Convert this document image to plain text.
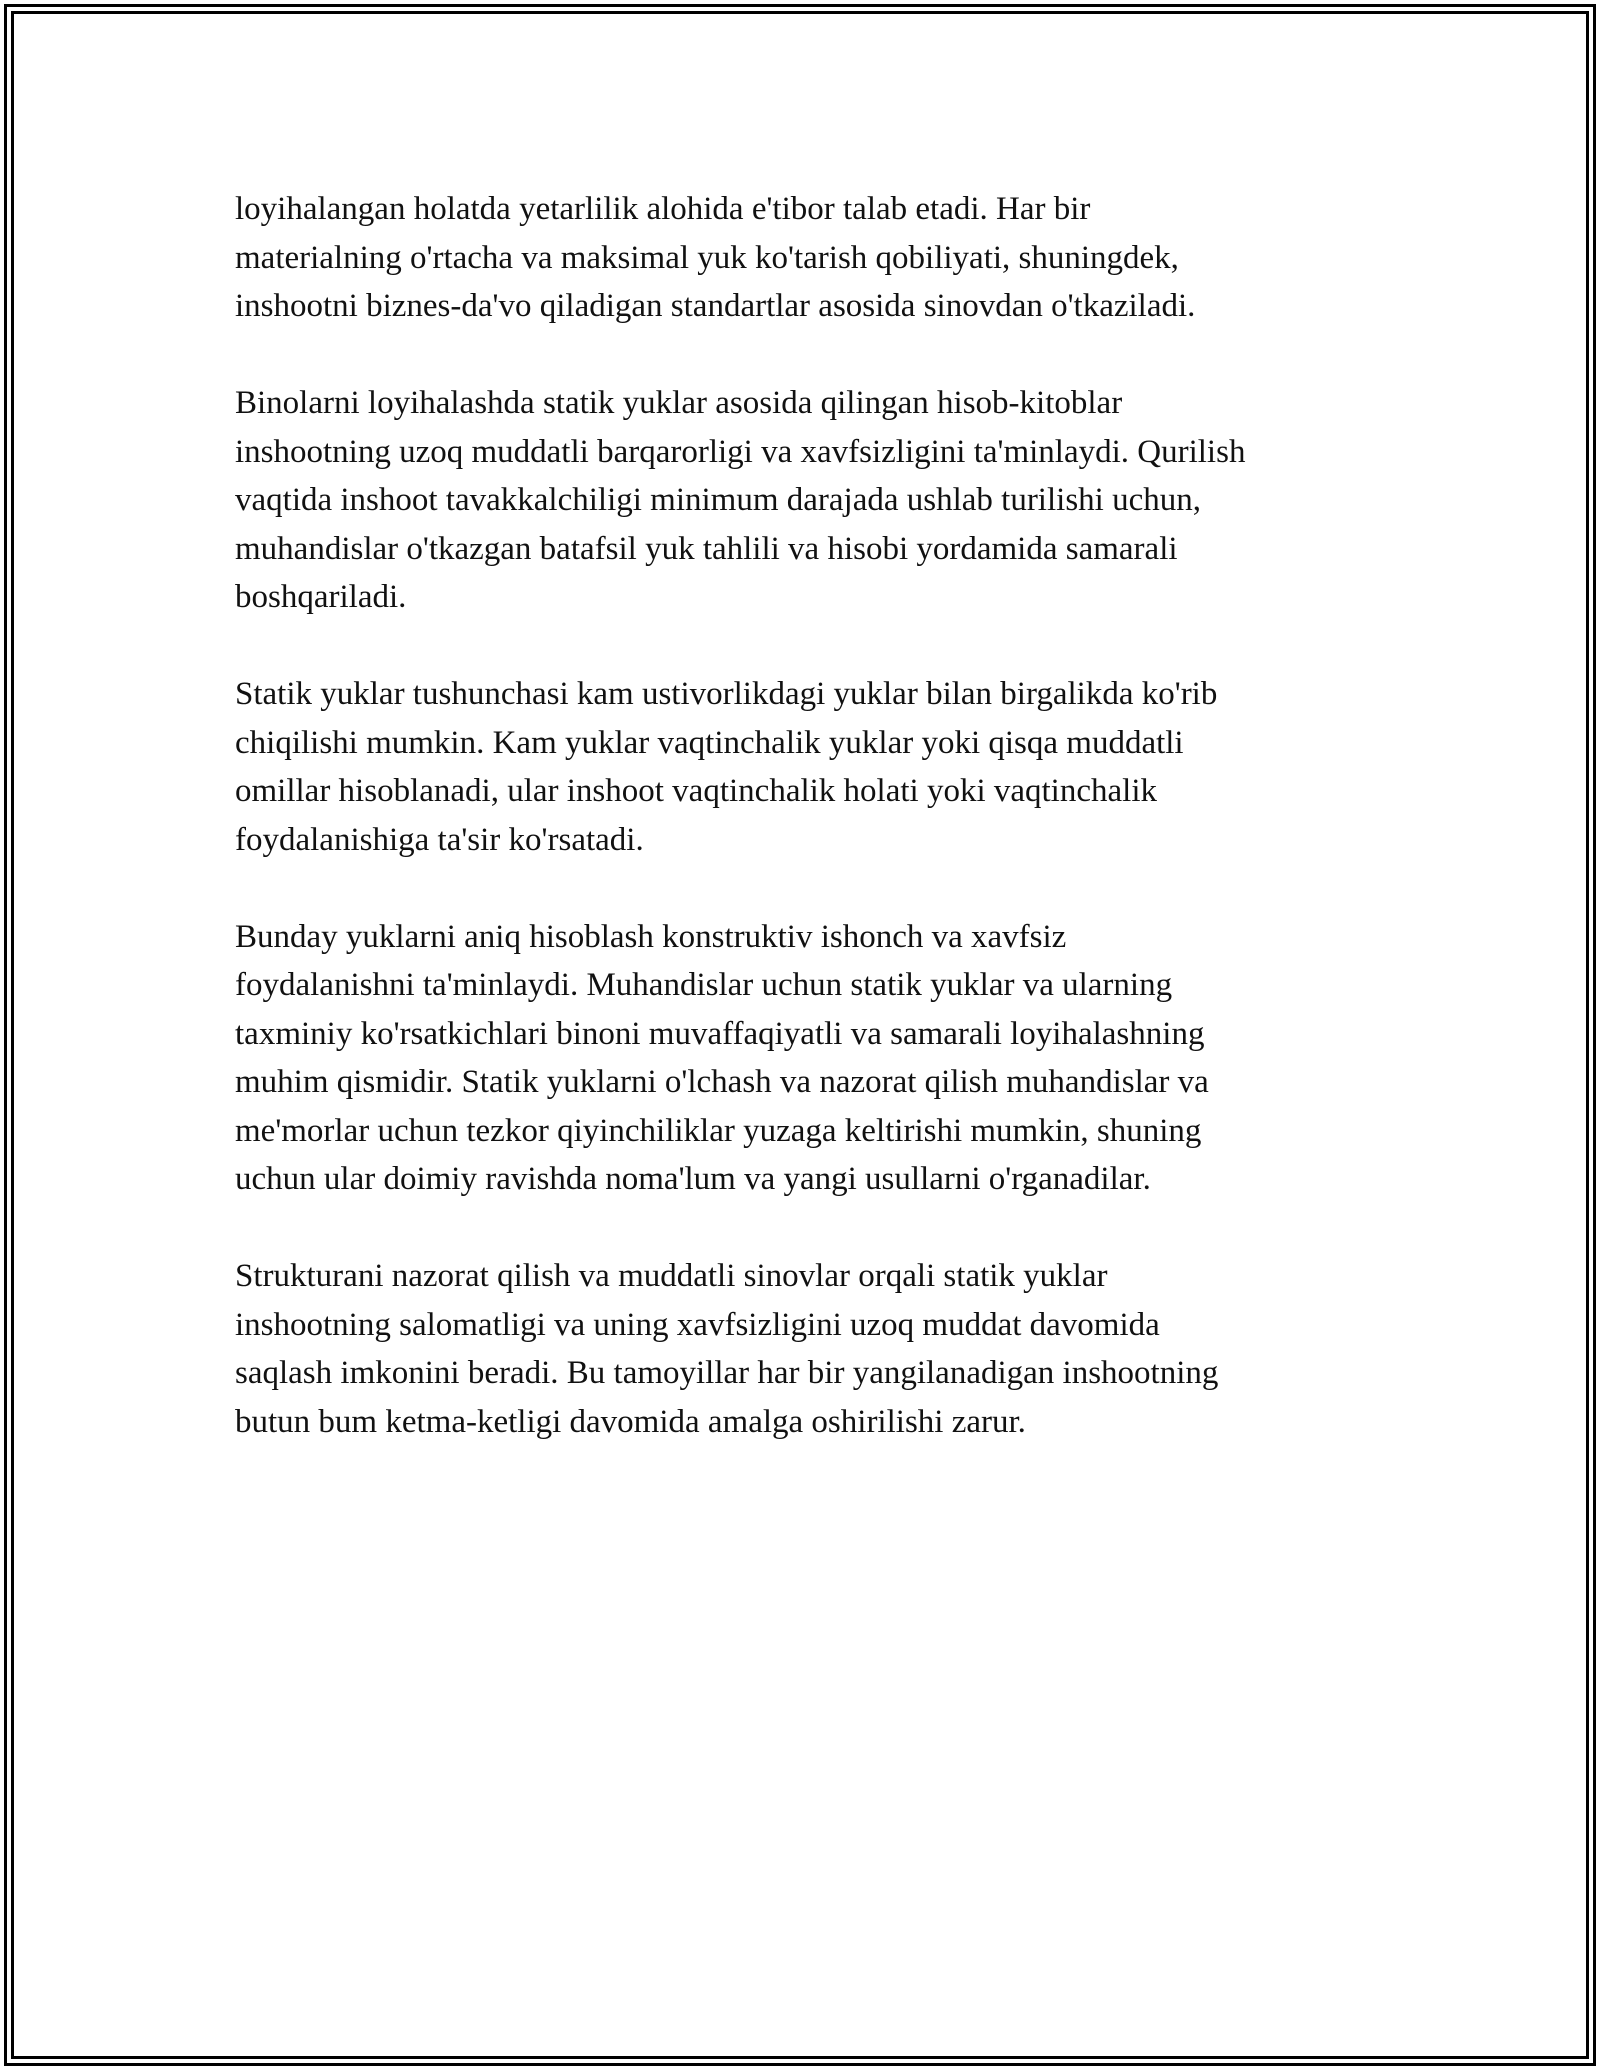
loyihalangan holatda yetarlilik alohida e'tibor talab etadi. Har bir
materialning o'rtacha va maksimal yuk ko'tarish qobiliyati, shuningdek,
inshootni biznes-da'vo qiladigan standartlar asosida sinovdan o'tkaziladi.

Binolarni loyihalashda statik yuklar asosida qilingan hisob-kitoblar
inshootning uzoq muddatli barqarorligi va xavfsizligini ta'minlaydi. Qurilish
vaqtida inshoot tavakkalchiligi minimum darajada ushlab turilishi uchun,
muhandislar o'tkazgan batafsil yuk tahlili va hisobi yordamida samarali
boshqariladi.

Statik yuklar tushunchasi kam ustivorlikdagi yuklar bilan birgalikda ko'rib
chiqilishi mumkin. Kam yuklar vaqtinchalik yuklar yoki qisqa muddatli
omillar hisoblanadi, ular inshoot vaqtinchalik holati yoki vaqtinchalik
foydalanishiga ta'sir ko'rsatadi.

Bunday yuklarni aniq hisoblash konstruktiv ishonch va xavfsiz
foydalanishni ta'minlaydi. Muhandislar uchun statik yuklar va ularning
taxminiy ko'rsatkichlari binoni muvaffaqiyatli va samarali loyihalashning
muhim qismidir. Statik yuklarni o'lchash va nazorat qilish muhandislar va
me'morlar uchun tezkor qiyinchiliklar yuzaga keltirishi mumkin, shuning
uchun ular doimiy ravishda noma'lum va yangi usullarni o'rganadilar.

Strukturani nazorat qilish va muddatli sinovlar orqali statik yuklar
inshootning salomatligi va uning xavfsizligini uzoq muddat davomida
saqlash imkonini beradi. Bu tamoyillar har bir yangilanadigan inshootning
butun bum ketma-ketligi davomida amalga oshirilishi zarur.
